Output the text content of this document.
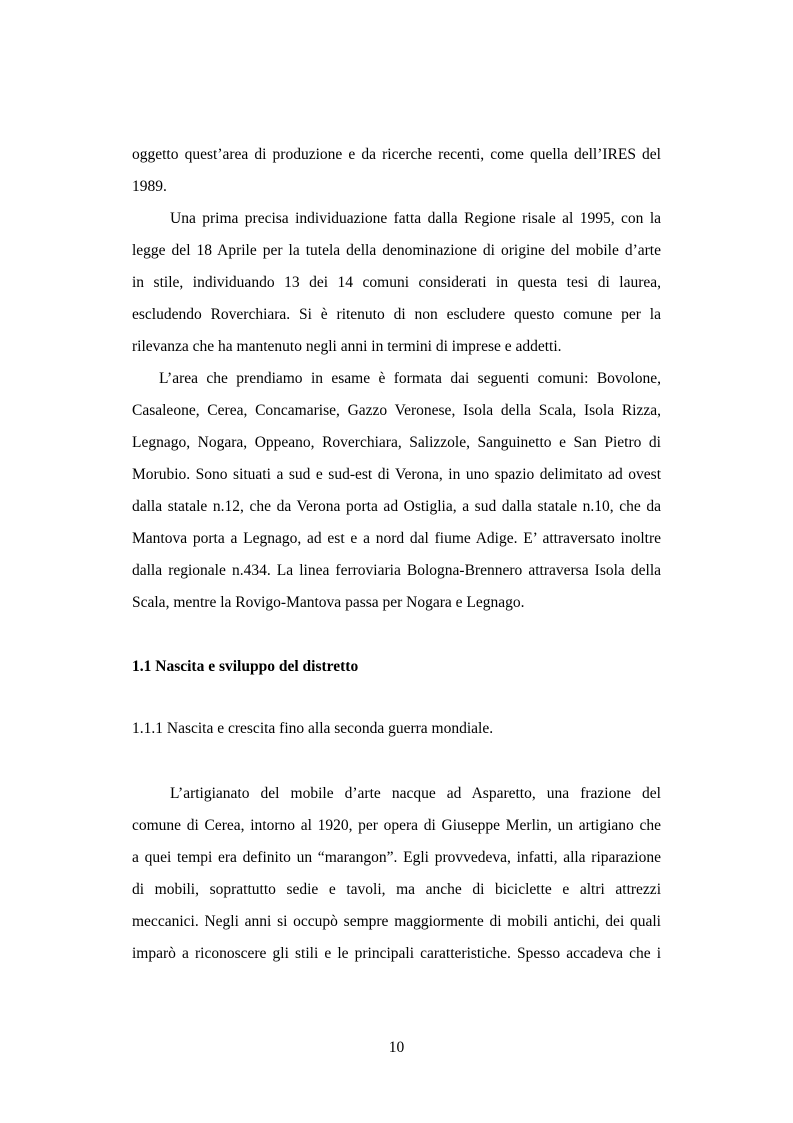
oggetto quest’area di produzione e da ricerche recenti, come quella dell’IRES del
1989.
Una prima precisa individuazione fatta dalla Regione risale al 1995, con la
legge del 18 Aprile per la tutela della denominazione di origine del mobile d’arte
in stile, individuando 13 dei 14 comuni considerati in questa tesi di laurea,
escludendo Roverchiara. Si è ritenuto di non escludere questo comune per la
rilevanza che ha mantenuto negli anni in termini di imprese e addetti.
L’area che prendiamo in esame è formata dai seguenti comuni: Bovolone,
Casaleone, Cerea, Concamarise, Gazzo Veronese, Isola della Scala, Isola Rizza,
Legnago, Nogara, Oppeano, Roverchiara, Salizzole, Sanguinetto e San Pietro di
Morubio. Sono situati a sud e sud-est di Verona, in uno spazio delimitato ad ovest
dalla statale n.12, che da Verona porta ad Ostiglia, a sud dalla statale n.10, che da
Mantova porta a Legnago, ad est e a nord dal fiume Adige. E’ attraversato inoltre
dalla regionale n.434. La linea ferroviaria Bologna-Brennero attraversa Isola della
Scala, mentre la Rovigo-Mantova passa per Nogara e Legnago.
1.1 Nascita e sviluppo del distretto
1.1.1 Nascita e crescita fino alla seconda guerra mondiale.
L’artigianato del mobile d’arte nacque ad Asparetto, una frazione del
comune di Cerea, intorno al 1920, per opera di Giuseppe Merlin, un artigiano che
a quei tempi era definito un “marangon”. Egli provvedeva, infatti, alla riparazione
di mobili, soprattutto sedie e tavoli, ma anche di biciclette e altri attrezzi
meccanici. Negli anni si occupò sempre maggiormente di mobili antichi, dei quali
imparò a riconoscere gli stili e le principali caratteristiche. Spesso accadeva che i
10
